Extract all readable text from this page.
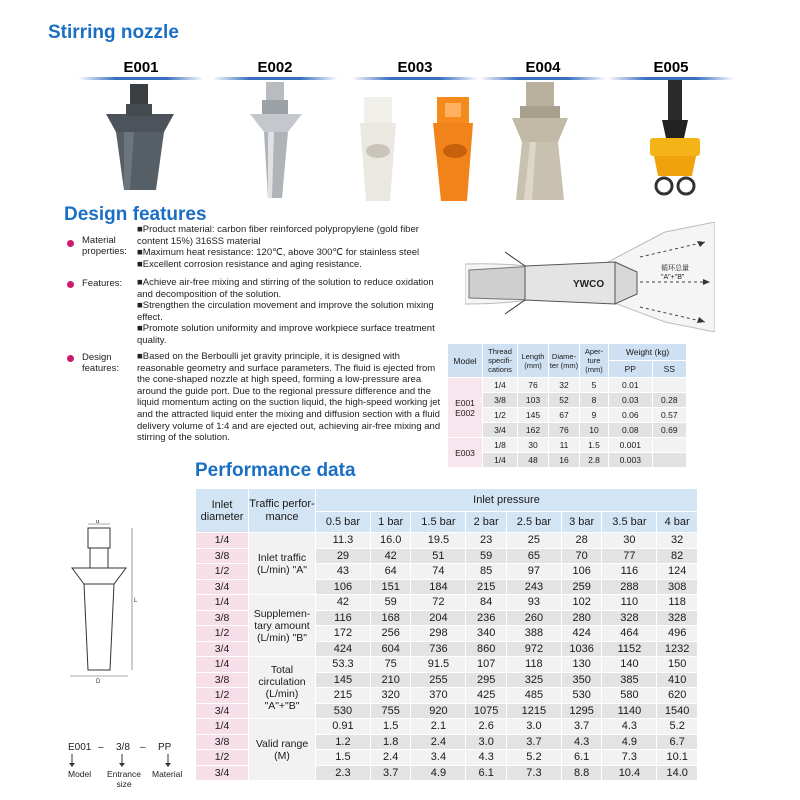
Stirring nozzle
E001	E002	E003	E004	E005
Design features
Material properties:

■Product material: carbon fiber reinforced polypropylene (gold fiber content 15%) 316SS material

■Maximum heat resistance: 120℃, above 300℃ for stainless steel

■Excellent corrosion resistance and aging resistance.

Features:	■Achieve air-free mixing and stirring of the solution to reduce oxidation and decomposition of the solution.

■Strengthen the circulation movement and improve the solution mixing effect.

■Promote solution uniformity and improve workpiece surface treatment quality.

Design features:

■Based on the Berboulli jet gravity principle, it is designed with reasonable geometry and surface parameters. The fluid is ejected from the cone-shaped nozzle at high speed, forming a low-pressure area around the guide port. Due to the regional pressure difference and the liquid momentum acting on the suction liquid, the high-speed working jet and the attracted liquid enter the mixing and diffusion section with a fluid delivery volume of 1:4 and are ejected out, achieving air-free mixing and stirring of the solution.

YWCO
循环总量
"A"+"B"
Model	Thread specifi- cations	Length (mm)	Diame- ter (mm)	Aper- ture (mm)	Weight (kg)	
					PP	SS
E001 E002	1/4	76	32	5	0.01	
	3/8	103	52	8	0.03	0.28
	1/2	145	67	9	0.06	0.57
	3/4	162	76	10	0.08	0.69
E003	1/8	30	11	1.5	0.001	
	1/4	48	16	2.8	0.003	
Performance data
d
L
D
E001 – 3/8 – PP
Model	Entrance size
Material
Inlet diameter	Traffic perfor- mance	Inlet pressure							
		0.5 bar	1 bar	1.5 bar	2 bar	2.5 bar	3 bar	3.5 bar	4 bar
1/4	Inlet traffic (L/min) "A"	11.3	16.0	19.5	23	25	28	30	32
3/8		29	42	51	59	65	70	77	82
1/2		43	64	74	85	97	106	116	124
3/4		106	151	184	215	243	259	288	308
1/4	Supplemen- tary amount (L/min) "B"	42	59	72	84	93	102	110	118
3/8		116	168	204	236	260	280	328	328
1/2		172	256	298	340	388	424	464	496
3/4		424	604	736	860	972	1036	1152	1232
1/4	Total circulation (L/min) "A"+"B"	53.3	75	91.5	107	118	130	140	150
3/8		145	210	255	295	325	350	385	410
1/2		215	320	370	425	485	530	580	620
3/4		530	755	920	1075	1215	1295	1140	1540
1/4	Valid range (M)	0.91	1.5	2.1	2.6	3.0	3.7	4.3	5.2
3/8		1.2	1.8	2.4	3.0	3.7	4.3	4.9	6.7
1/2		1.5	2.4	3.4	4.3	5.2	6.1	7.3	10.1
3/4		2.3	3.7	4.9	6.1	7.3	8.8	10.4	14.0
